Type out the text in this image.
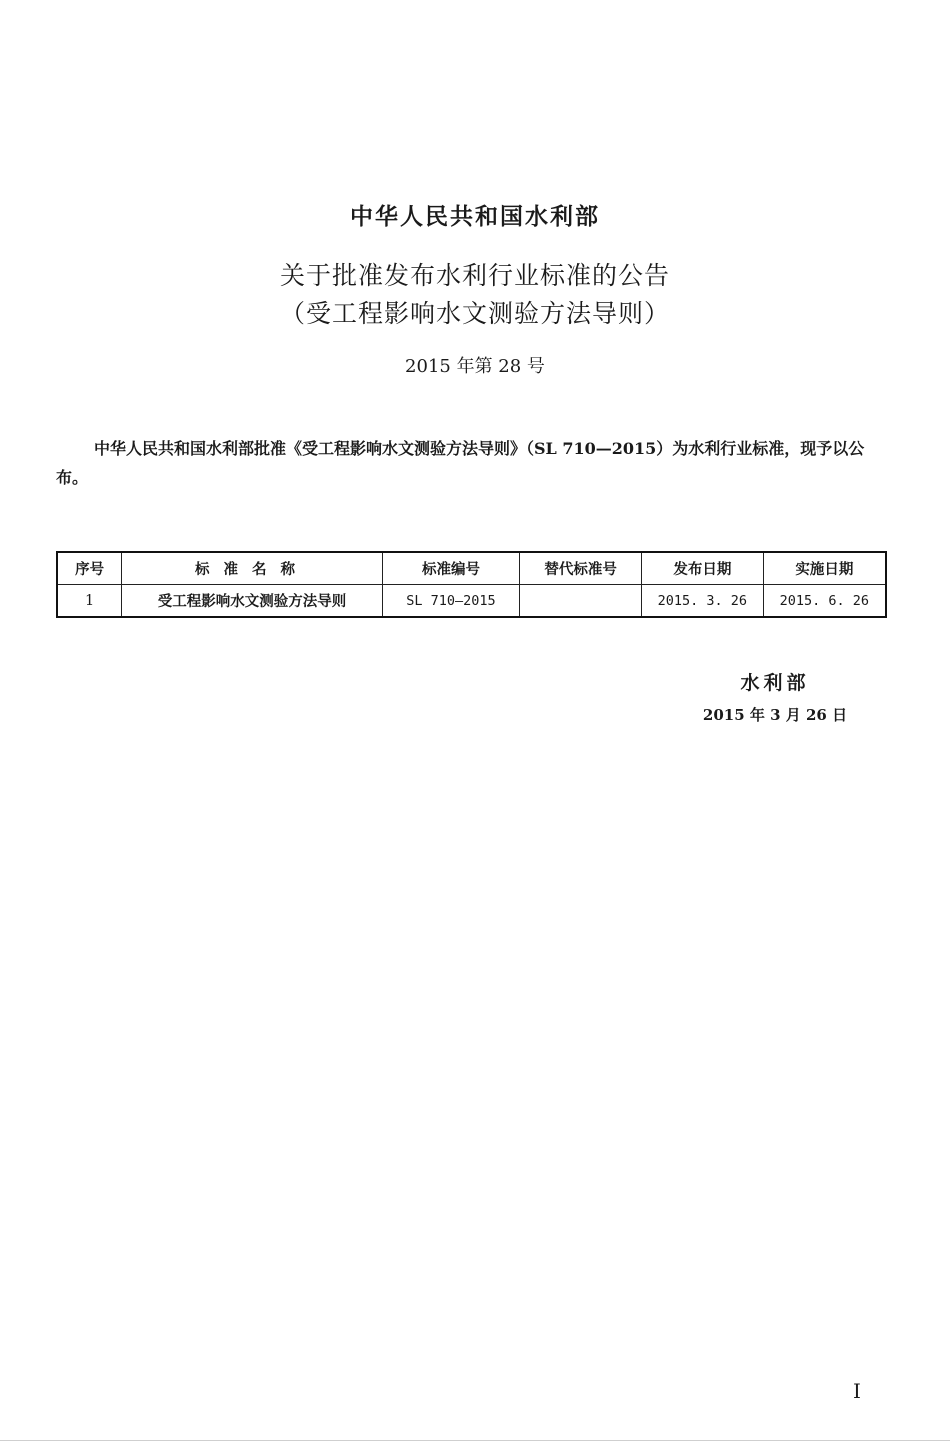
中华人民共和国水利部
关于批准发布水利行业标准的公告
（受工程影响水文测验方法导则）
2015 年第 28 号
中华人民共和国水利部批准《受工程影响水文测验方法导则》（SL 710—2015）为水利行业标准，现予以公布。
序号	标准名称	标准编号	替代标准号	发布日期	实施日期
1	受工程影响水文测验方法导则	SL 710—2015		2015. 3. 26	2015. 6. 26
水利部
2015 年 3 月 26 日
I
